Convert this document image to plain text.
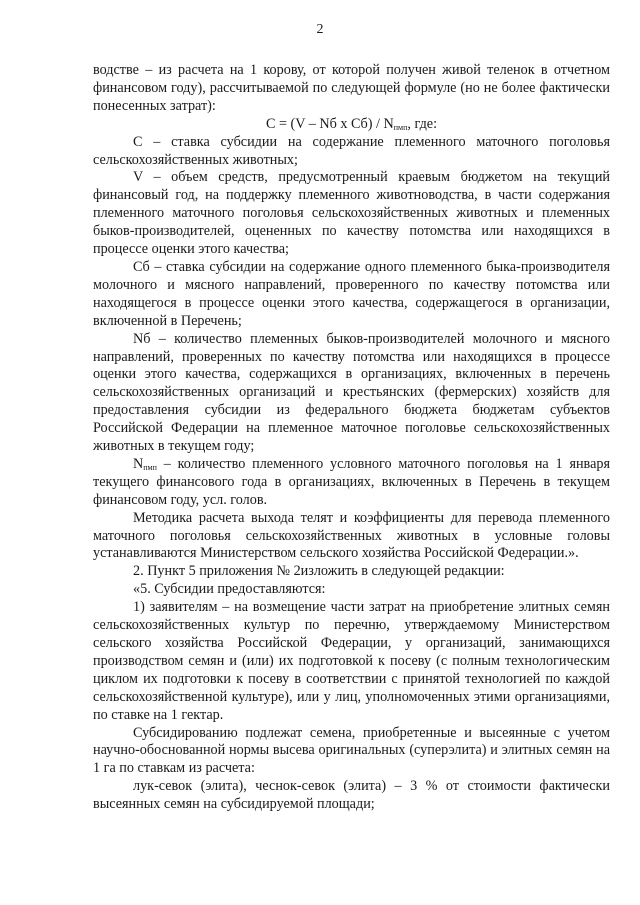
2

водстве – из расчета на 1 корову, от которой получен живой теленок в отчетном финансовом году), рассчитываемой по следующей формуле (но не более фактически понесенных затрат):

C = (V – Nб x $Cб) / N_{пмп}$, где:

C – ставка субсидии на содержание племенного маточного поголовья сельскохозяйственных животных;

V – объем средств, предусмотренный краевым бюджетом на текущий финансовый год, на поддержку племенного животноводства, в части содержания племенного маточного поголовья сельскохозяйственных животных и племенных быков-производителей, оцененных по качеству потомства или находящихся в процессе оценки этого качества;

Cб – ставка субсидии на содержание одного племенного быка-производителя молочного и мясного направлений, проверенного по качеству потомства или находящегося в процессе оценки этого качества, содержащегося в организации, включенной в Перечень;

Nб – количество племенных быков-производителей молочного и мясного направлений, проверенных по качеству потомства или находящихся в процессе оценки этого качества, содержащихся в организациях, включенных в перечень сельскохозяйственных организаций и крестьянских (фермерских) хозяйств для предоставления субсидии из федерального бюджета бюджетам субъектов Российской Федерации на племенное маточное поголовье сельскохозяйственных животных в текущем году;

$N_{пмп}$ – количество племенного условного маточного поголовья на 1 января текущего финансового года в организациях, включенных в Перечень в текущем финансовом году, усл. голов.

Методика расчета выхода телят и коэффициенты для перевода племенного маточного поголовья сельскохозяйственных животных в условные головы устанавливаются Министерством сельского хозяйства Российской Федерации.».

2. Пункт 5 приложения № 2изложить в следующей редакции:

«5. Субсидии предоставляются:

1) заявителям – на возмещение части затрат на приобретение элитных семян сельскохозяйственных культур по перечню, утверждаемому Министерством сельского хозяйства Российской Федерации, у организаций, занимающихся производством семян и (или) их подготовкой к посеву (с полным технологическим циклом их подготовки к посеву в соответствии с принятой технологией по каждой сельскохозяйственной культуре), или у лиц, уполномоченных этими организациями, по ставке на 1 гектар.

Субсидированию подлежат семена, приобретенные и высеянные с учетом научно-обоснованной нормы высева оригинальных (суперэлита) и элитных семян на 1 га по ставкам из расчета:

лук-севок (элита), чеснок-севок (элита) – 3 % от стоимости фактически высеянных семян на субсидируемой площади;
